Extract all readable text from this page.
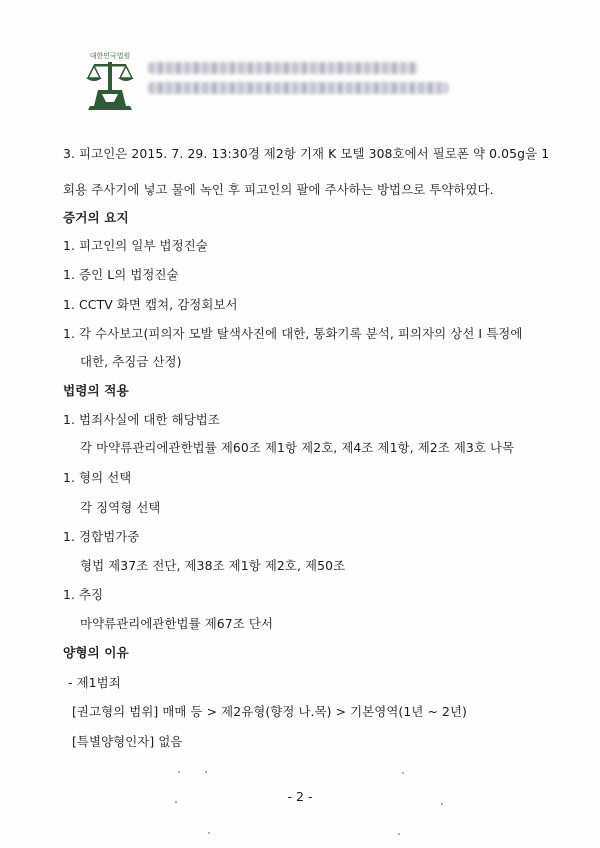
대한민국법원
3. 피고인은 2015. 7. 29. 13:30경 제2항 기재 K 모텔 308호에서 필로폰 약 0.05g을 1
회용 주사기에 넣고 물에 녹인 후 피고인의 팔에 주사하는 방법으로 투약하였다.
증거의 요지
1. 피고인의 일부 법정진술
1. 증인 L의 법정진술
1. CCTV 화면 캡쳐, 감정회보서
1. 각 수사보고(피의자 모발 탈색사진에 대한, 통화기록 분석, 피의자의 상선 I 특정에
대한, 추징금 산정)
법령의 적용
1. 범죄사실에 대한 해당법조
각 마약류관리에관한법률 제60조 제1항 제2호, 제4조 제1항, 제2조 제3호 나목
1. 형의 선택
각 징역형 선택
1. 경합범가중
형법 제37조 전단, 제38조 제1항 제2호, 제50조
1. 추징
마약류관리에관한법률 제67조 단서
양형의 이유
- 제1범죄
[권고형의 범위] 매매 등 > 제2유형(향정 나.목) > 기본영역(1년 ~ 2년)
[특별양형인자] 없음
- 2 -
